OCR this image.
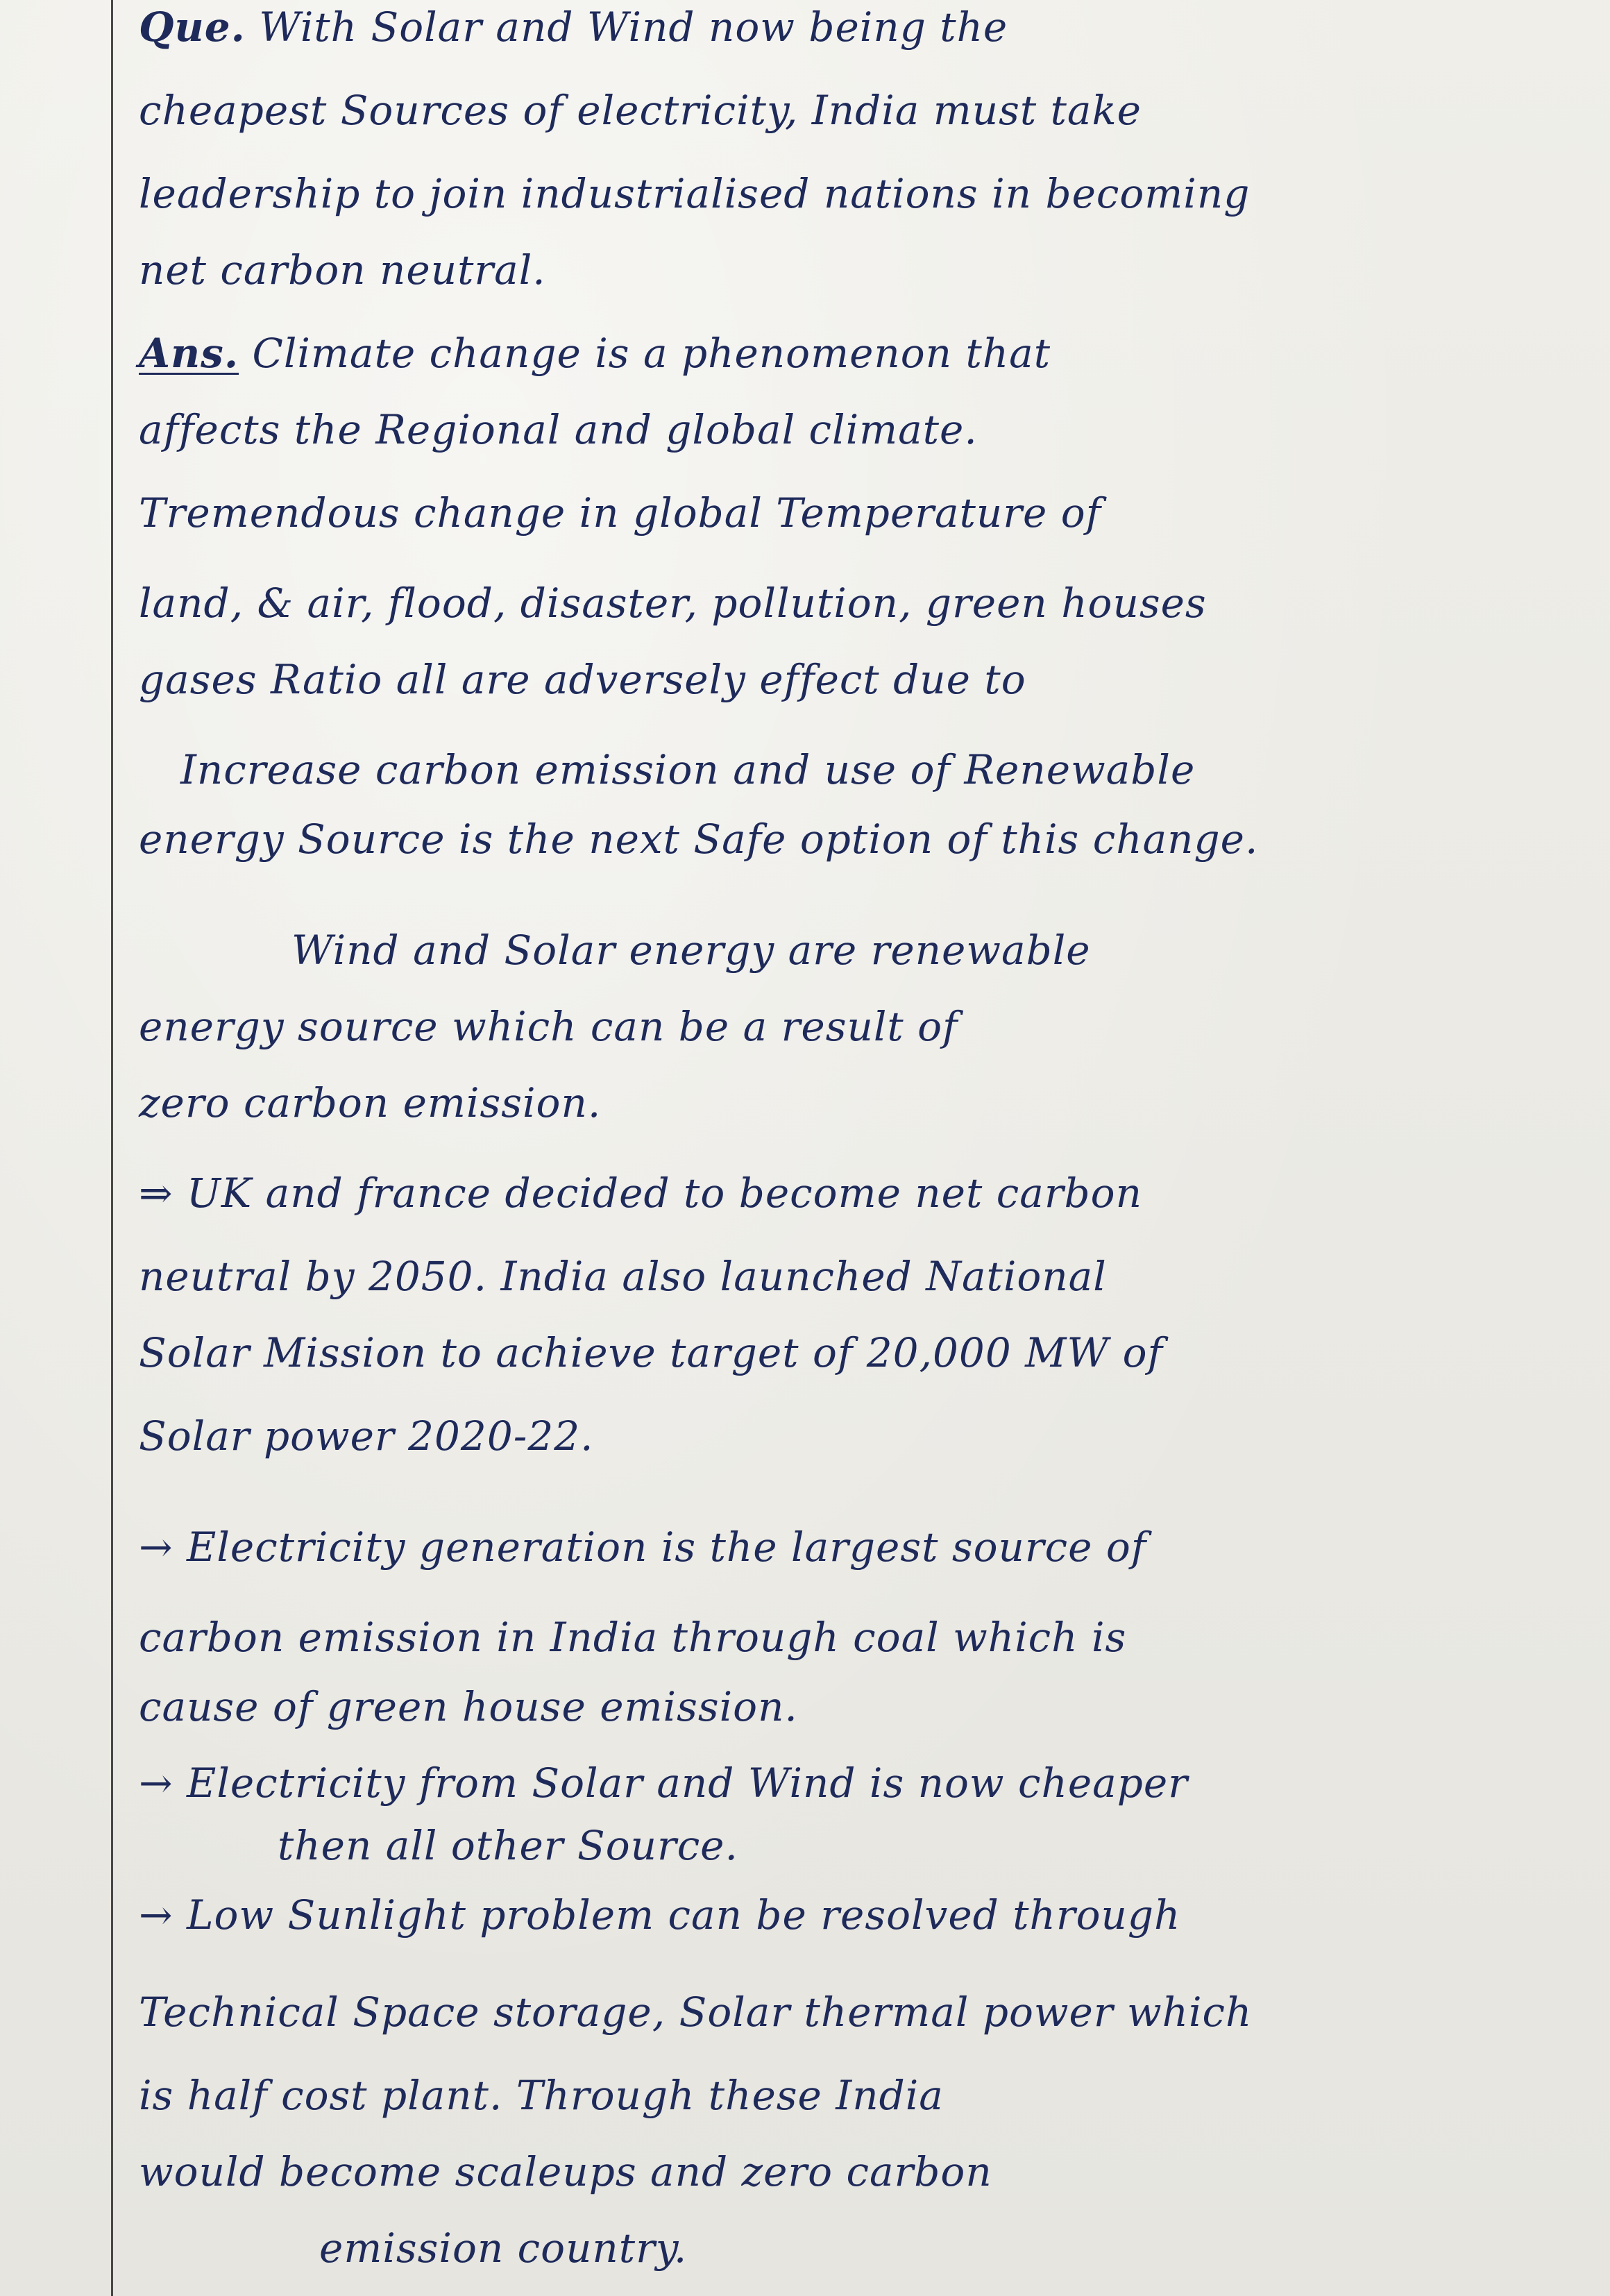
Que. With Solar and Wind now being the
cheapest Sources of electricity, India must take
leadership to join industrialised nations in becoming
net carbon neutral.
Ans. Climate change is a phenomenon that
affects the Regional and global climate.
Tremendous change in global Temperature of
land, & air, flood, disaster, pollution, green houses
gases Ratio all are adversely effect due to
Increase carbon emission and use of Renewable
energy Source is the next Safe option of this change.
Wind and Solar energy are renewable
energy source which can be a result of
zero carbon emission.
⇒ UK and france decided to become net carbon
neutral by 2050. India also launched National
Solar Mission to achieve target of 20,000 MW of
Solar power 2020-22.
→ Electricity generation is the largest source of
carbon emission in India through coal which is
cause of green house emission.
→ Electricity from Solar and Wind is now cheaper
then all other Source.
→ Low Sunlight problem can be resolved through
Technical Space storage, Solar thermal power which
is half cost plant. Through these India
would become scaleups and zero carbon
emission country.
